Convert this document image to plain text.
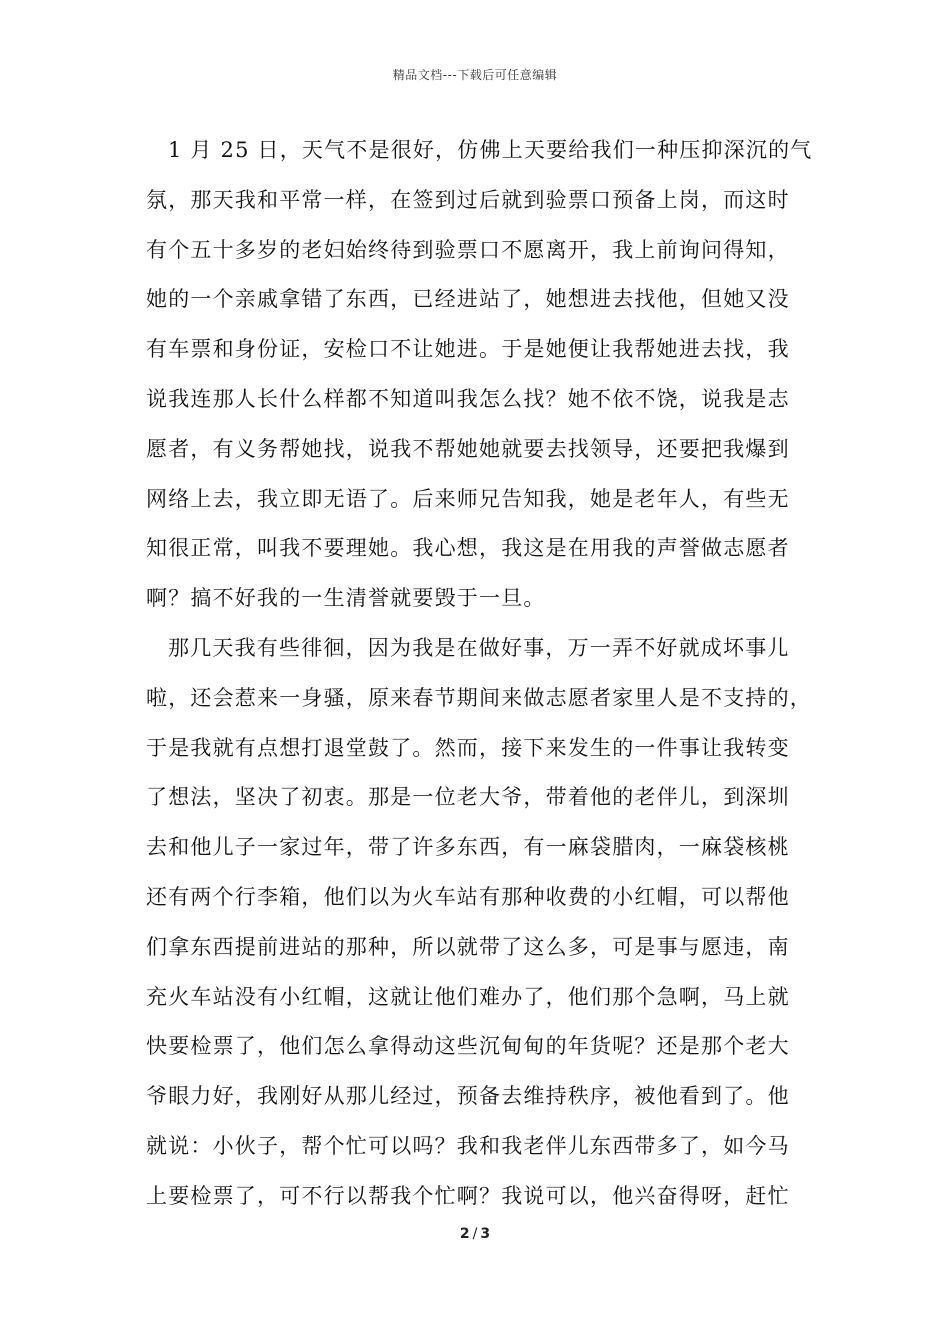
精品文档---下载后可任意编辑
1 月 25 日，天气不是很好，仿佛上天要给我们一种压抑深沉的气
氛，那天我和平常一样，在签到过后就到验票口预备上岗，而这时
有个五十多岁的老妇始终待到验票口不愿离开，我上前询问得知，
她的一个亲戚拿错了东西，已经进站了，她想进去找他，但她又没
有车票和身份证，安检口不让她进。于是她便让我帮她进去找，我
说我连那人长什么样都不知道叫我怎么找？她不依不饶，说我是志
愿者，有义务帮她找，说我不帮她她就要去找领导，还要把我爆到
网络上去，我立即无语了。后来师兄告知我，她是老年人，有些无
知很正常，叫我不要理她。我心想，我这是在用我的声誉做志愿者
啊？搞不好我的一生清誉就要毁于一旦。
那几天我有些徘徊，因为我是在做好事，万一弄不好就成坏事儿
啦，还会惹来一身骚，原来春节期间来做志愿者家里人是不支持的，
于是我就有点想打退堂鼓了。然而，接下来发生的一件事让我转变
了想法，坚决了初衷。那是一位老大爷，带着他的老伴儿，到深圳
去和他儿子一家过年，带了许多东西，有一麻袋腊肉，一麻袋核桃
还有两个行李箱，他们以为火车站有那种收费的小红帽，可以帮他
们拿东西提前进站的那种，所以就带了这么多，可是事与愿违，南
充火车站没有小红帽，这就让他们难办了，他们那个急啊，马上就
快要检票了，他们怎么拿得动这些沉甸甸的年货呢？还是那个老大
爷眼力好，我刚好从那儿经过，预备去维持秩序，被他看到了。他
就说：小伙子，帮个忙可以吗？我和我老伴儿东西带多了，如今马
上要检票了，可不行以帮我个忙啊？我说可以，他兴奋得呀，赶忙
2 / 3
